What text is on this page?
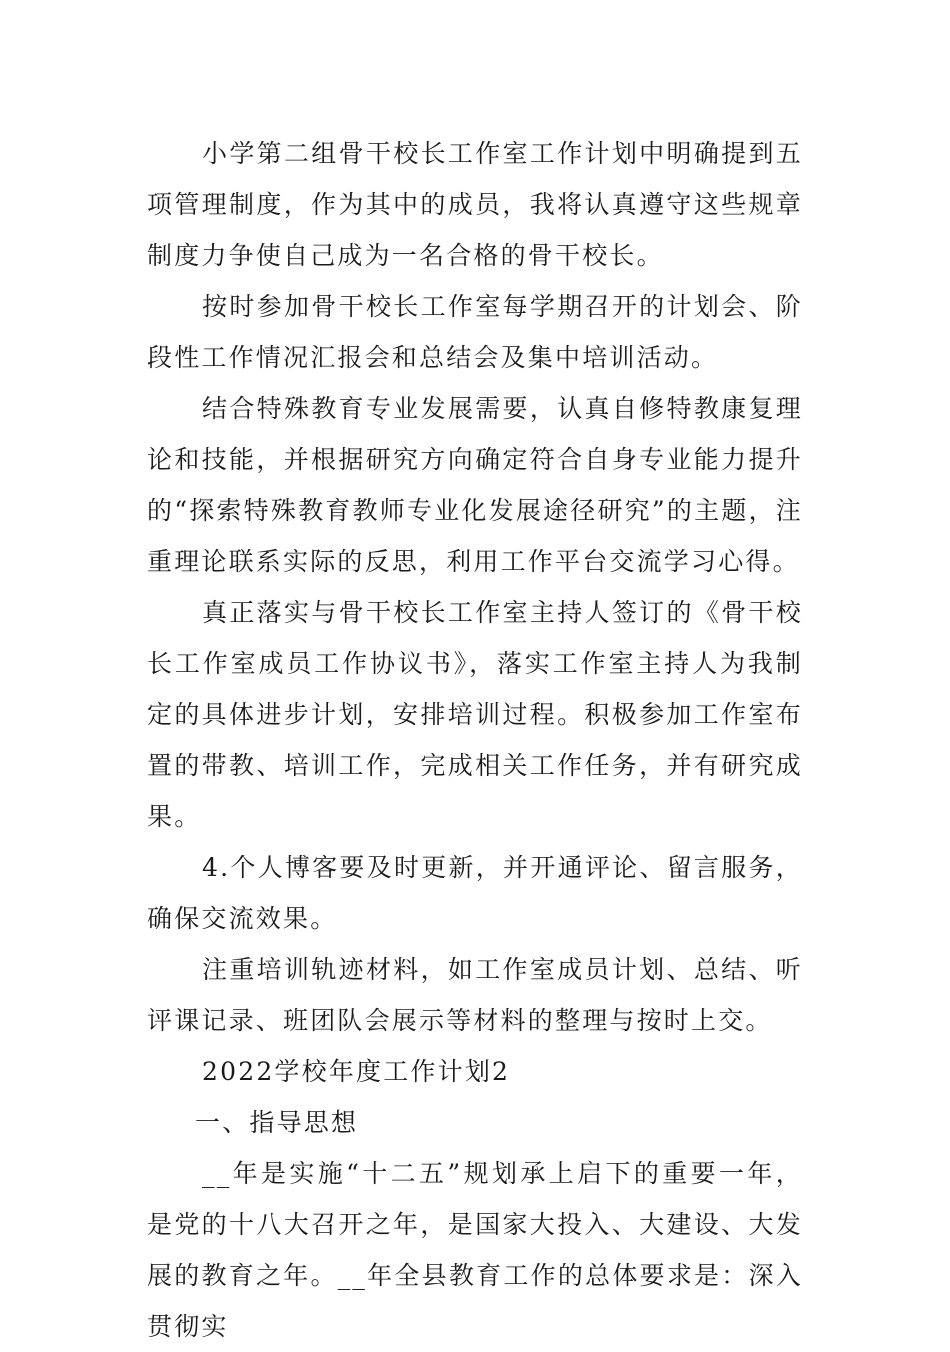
小学第二组骨干校长工作室工作计划中明确提到五项管理制度，作为其中的成员，我将认真遵守这些规章制度力争使自己成为一名合格的骨干校长。

按时参加骨干校长工作室每学期召开的计划会、阶段性工作情况汇报会和总结会及集中培训活动。

结合特殊教育专业发展需要，认真自修特教康复理论和技能，并根据研究方向确定符合自身专业能力提升的“探索特殊教育教师专业化发展途径研究”的主题，注重理论联系实际的反思，利用工作平台交流学习心得。

真正落实与骨干校长工作室主持人签订的《骨干校长工作室成员工作协议书》，落实工作室主持人为我制定的具体进步计划，安排培训过程。积极参加工作室布置的带教、培训工作，完成相关工作任务，并有研究成果。

4.个人博客要及时更新，并开通评论、留言服务，确保交流效果。

注重培训轨迹材料，如工作室成员计划、总结、听评课记录、班团队会展示等材料的整理与按时上交。

2022学校年度工作计划2

一、指导思想

__年是实施“十二五”规划承上启下的重要一年，是党的十八大召开之年，是国家大投入、大建设、大发展的教育之年。__年全县教育工作的总体要求是：深入贯彻实
